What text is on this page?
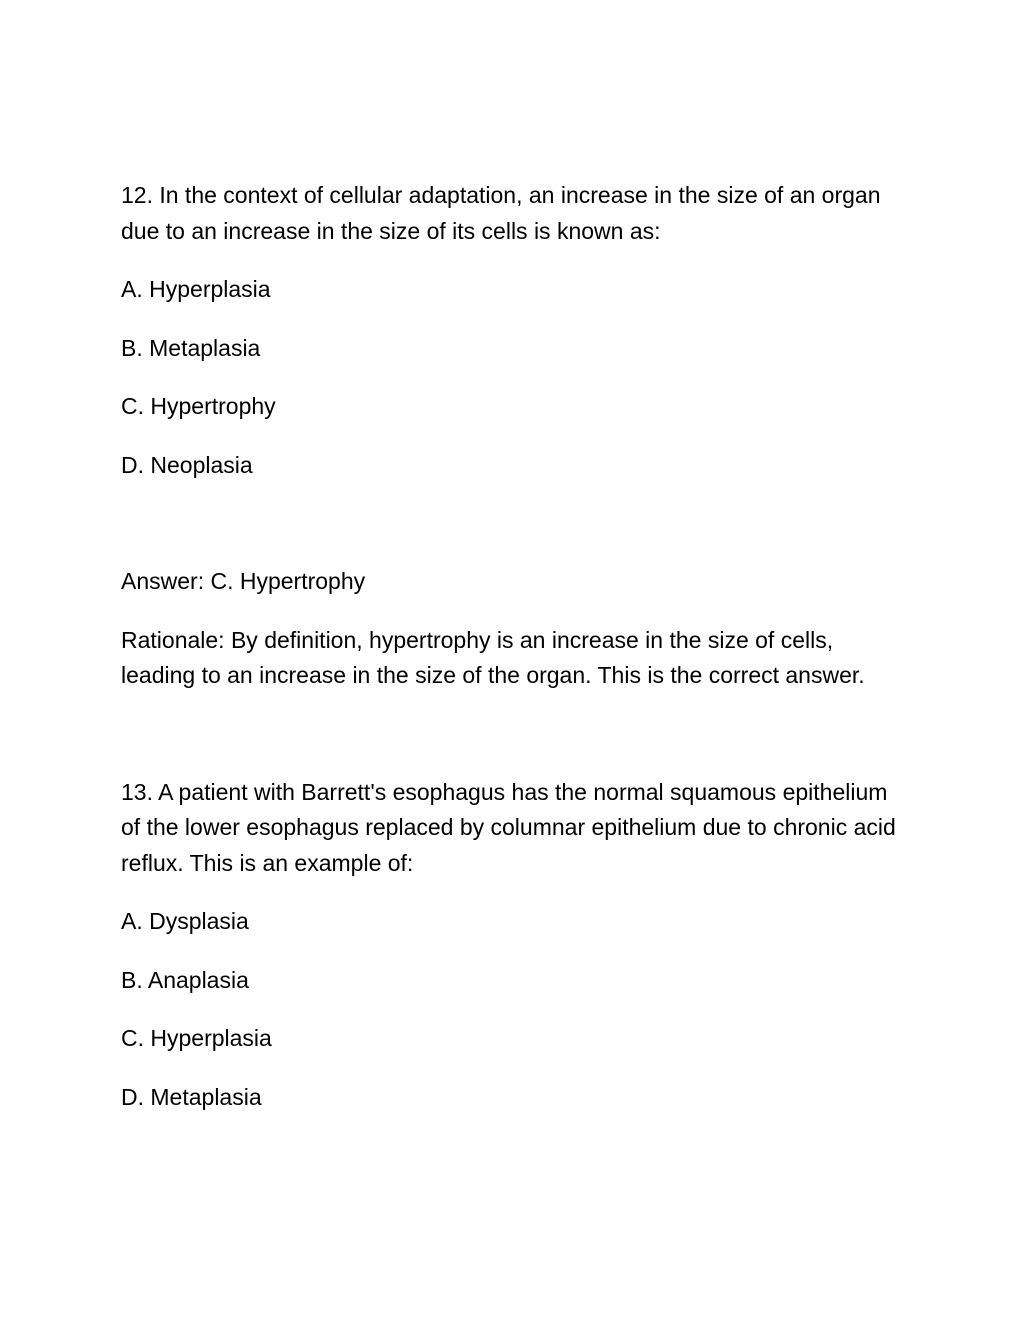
12. In the context of cellular adaptation, an increase in the size of an organ due to an increase in the size of its cells is known as:

A. Hyperplasia

B. Metaplasia

C. Hypertrophy

D. Neoplasia

Answer: C. Hypertrophy

Rationale: By definition, hypertrophy is an increase in the size of cells, leading to an increase in the size of the organ. This is the correct answer.

13. A patient with Barrett's esophagus has the normal squamous epithelium of the lower esophagus replaced by columnar epithelium due to chronic acid reflux. This is an example of:

A. Dysplasia

B. Anaplasia

C. Hyperplasia

D. Metaplasia
